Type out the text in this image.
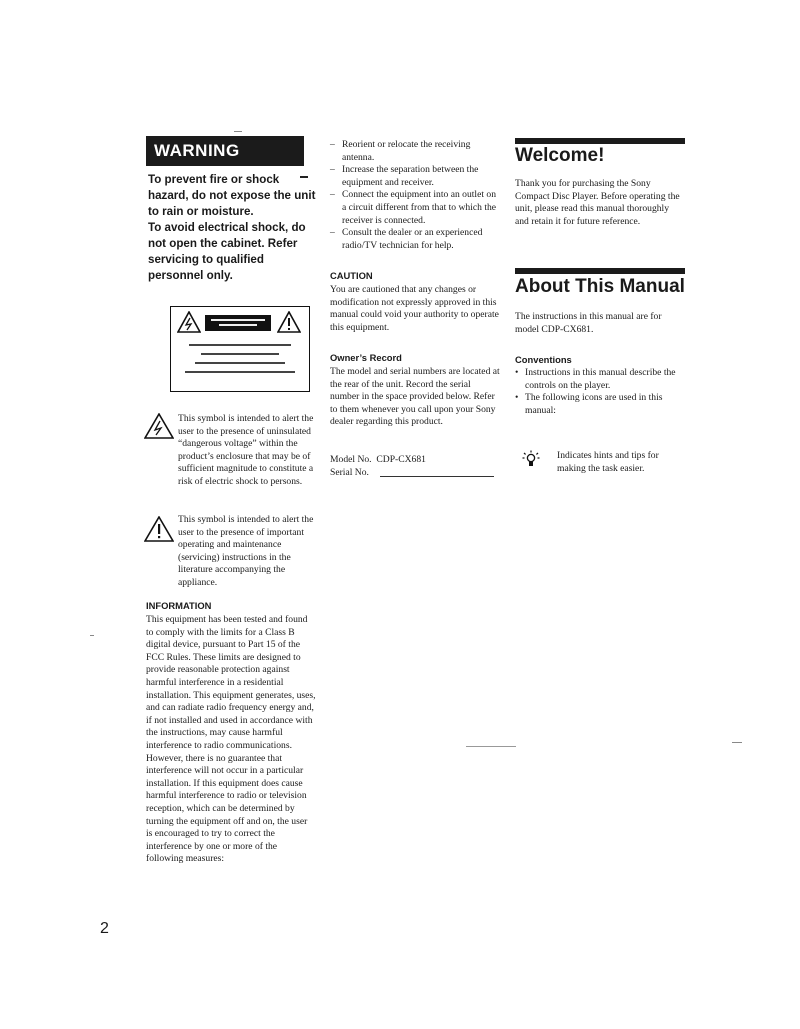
WARNING

To prevent fire or shock hazard, do not expose the unit to rain or moisture.

To avoid electrical shock, do not open the cabinet. Refer servicing to qualified personnel only.

This symbol is intended to alert the user to the presence of uninsulated “dangerous voltage” within the product’s enclosure that may be of sufficient magnitude to constitute a risk of electric shock to persons.
This symbol is intended to alert the user to the presence of important operating and maintenance (servicing) instructions in the literature accompanying the appliance.
INFORMATION
This equipment has been tested and found to comply with the limits for a Class B digital device, pursuant to Part 15 of the FCC Rules. These limits are designed to provide reasonable protection against harmful interference in a residential installation. This equipment generates, uses, and can radiate radio frequency energy and, if not installed and used in accordance with the instructions, may cause harmful interference to radio communications. However, there is no guarantee that interference will not occur in a particular installation. If this equipment does cause harmful interference to radio or television reception, which can be determined by turning the equipment off and on, the user is encouraged to try to correct the interference by one or more of the following measures:
2
– Reorient or relocate the receiving antenna.
– Increase the separation between the equipment and receiver.
– Connect the equipment into an outlet on a circuit different from that to which the receiver is connected.
– Consult the dealer or an experienced radio/TV technician for help.
CAUTION
You are cautioned that any changes or modification not expressly approved in this manual could void your authority to operate this equipment.
Owner’s Record
The model and serial numbers are located at the rear of the unit. Record the serial number in the space provided below. Refer to them whenever you call upon your Sony dealer regarding this product.
Model No. CDP-CX681
Serial No.
Welcome!
Thank you for purchasing the Sony Compact Disc Player. Before operating the unit, please read this manual thoroughly and retain it for future reference.
About This Manual
The instructions in this manual are for model CDP-CX681.
Conventions
• Instructions in this manual describe the controls on the player.
• The following icons are used in this manual:
Indicates hints and tips for making the task easier.
